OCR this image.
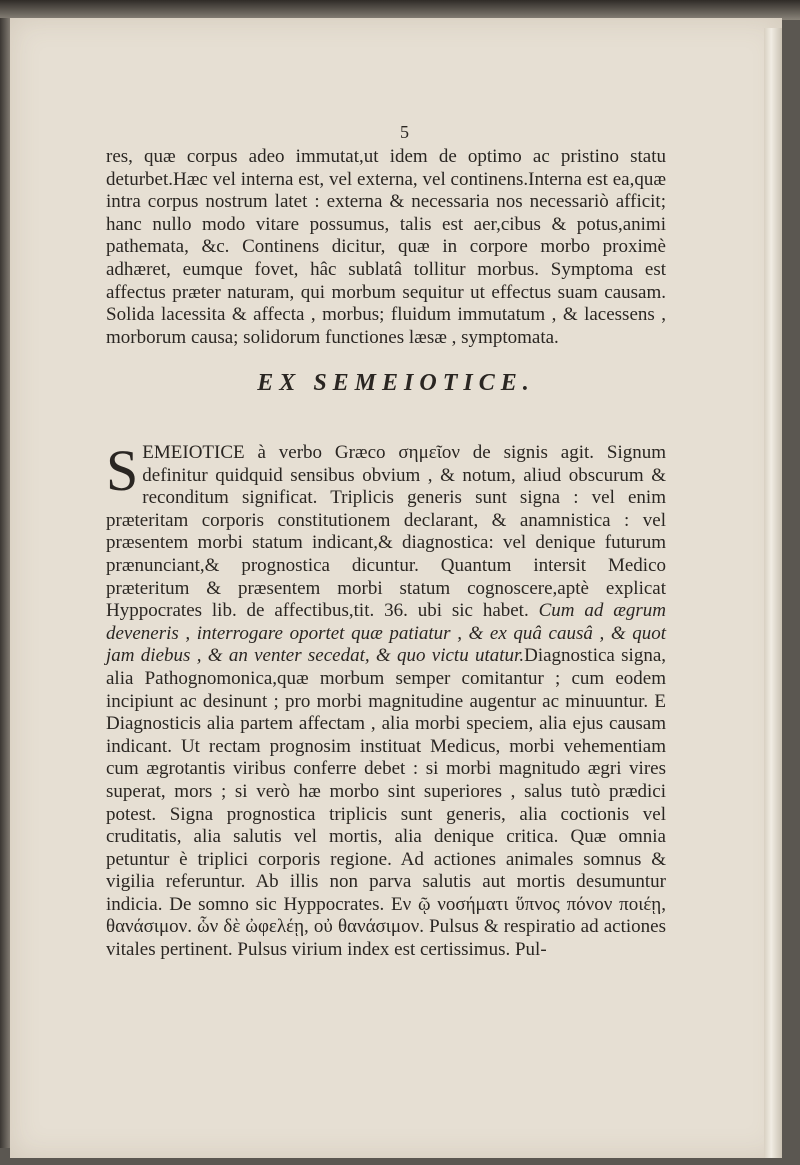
5

res, quæ corpus adeo immutat,ut idem de optimo ac pristino statu deturbet.Hæc vel interna est, vel externa, vel continens.Interna est ea,quæ intra corpus nostrum latet : externa & necessaria nos necessariò afficit; hanc nullo modo vitare possumus, talis est aer,cibus & potus,animi pathemata, &c. Continens dicitur, quæ in corpore morbo proximè adhæret, eumque fovet, hâc sublatâ tollitur morbus. Symptoma est affectus præter naturam, qui morbum sequitur ut effectus suam causam. Solida lacessita & affecta , morbus; fluidum immutatum , & lacessens , morborum causa; solidorum functiones læsæ , symptomata.

EX SEMEIOTICE.

SEMEIOTICE à verbo Græco σημεῖον de signis agit. Signum definitur quidquid sensibus obvium , & notum, aliud obscurum & reconditum significat. Triplicis generis sunt signa : vel enim præteritam corporis constitutionem declarant, & anamnistica : vel præsentem morbi statum indicant,& diagnostica: vel denique futurum prænunciant,& prognostica dicuntur. Quantum intersit Medico præteritum & præsentem morbi statum cognoscere,aptè explicat Hyppocrates lib. de affectibus,tit. 36. ubi sic habet. Cum ad ægrum deveneris , interrogare oportet quæ patiatur , & ex quâ causâ , & quot jam diebus , & an venter secedat, & quo victu utatur.Diagnostica signa, alia Pathognomonica,quæ morbum semper comitantur ; cum eodem incipiunt ac desinunt ; pro morbi magnitudine augentur ac minuuntur. E Diagnosticis alia partem affectam , alia morbi speciem, alia ejus causam indicant. Ut rectam prognosim instituat Medicus, morbi vehementiam cum ægrotantis viribus conferre debet : si morbi magnitudo ægri vires superat, mors ; si verò hæ morbo sint superiores , salus tutò prædici potest. Signa prognostica triplicis sunt generis, alia coctionis vel cruditatis, alia salutis vel mortis, alia denique critica. Quæ omnia petuntur è triplici corporis regione. Ad actiones animales somnus & vigilia referuntur. Ab illis non parva salutis aut mortis desumuntur indicia. De somno sic Hyppocrates. Εν ῷ νοσήματι ὕπνος πόνον ποιέῃ, θανάσιμον. ὧν δὲ ὠφελέῃ, οὐ θανάσιμον. Pulsus & respiratio ad actiones vitales pertinent. Pulsus virium index est certissimus. Pul-
